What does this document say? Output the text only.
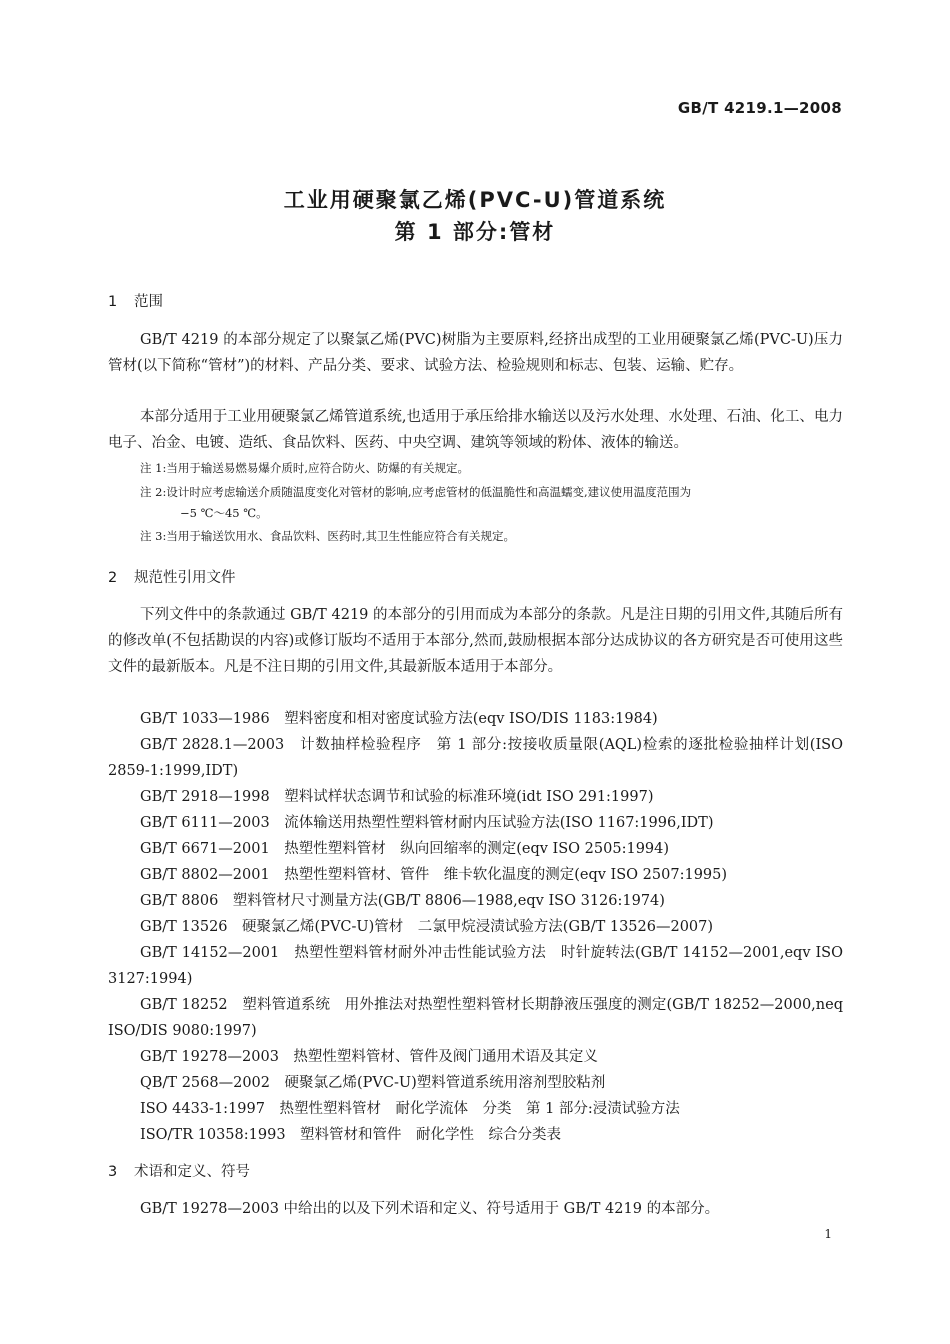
GB/T 4219.1—2008
工业用硬聚氯乙烯(PVC-U)管道系统
第 1 部分:管材
1 范围

GB/T 4219 的本部分规定了以聚氯乙烯(PVC)树脂为主要原料,经挤出成型的工业用硬聚氯乙烯(PVC-U)压力管材(以下简称“管材”)的材料、产品分类、要求、试验方法、检验规则和标志、包装、运输、贮存。

本部分适用于工业用硬聚氯乙烯管道系统,也适用于承压给排水输送以及污水处理、水处理、石油、化工、电力电子、冶金、电镀、造纸、食品饮料、医药、中央空调、建筑等领域的粉体、液体的输送。

注 1:当用于输送易燃易爆介质时,应符合防火、防爆的有关规定。

注 2:设计时应考虑输送介质随温度变化对管材的影响,应考虑管材的低温脆性和高温蠕变,建议使用温度范围为
−5 ℃～45 ℃。

注 3:当用于输送饮用水、食品饮料、医药时,其卫生性能应符合有关规定。

2 规范性引用文件

下列文件中的条款通过 GB/T 4219 的本部分的引用而成为本部分的条款。凡是注日期的引用文件,其随后所有的修改单(不包括勘误的内容)或修订版均不适用于本部分,然而,鼓励根据本部分达成协议的各方研究是否可使用这些文件的最新版本。凡是不注日期的引用文件,其最新版本适用于本部分。

GB/T 1033—1986　塑料密度和相对密度试验方法(eqv ISO/DIS 1183:1984)

GB/T 2828.1—2003　计数抽样检验程序　第 1 部分:按接收质量限(AQL)检索的逐批检验抽样计划(ISO 2859-1:1999,IDT)

GB/T 2918—1998　塑料试样状态调节和试验的标准环境(idt ISO 291:1997)

GB/T 6111—2003　流体输送用热塑性塑料管材耐内压试验方法(ISO 1167:1996,IDT)

GB/T 6671—2001　热塑性塑料管材　纵向回缩率的测定(eqv ISO 2505:1994)

GB/T 8802—2001　热塑性塑料管材、管件　维卡软化温度的测定(eqv ISO 2507:1995)

GB/T 8806　塑料管材尺寸测量方法(GB/T 8806—1988,eqv ISO 3126:1974)

GB/T 13526　硬聚氯乙烯(PVC-U)管材　二氯甲烷浸渍试验方法(GB/T 13526—2007)

GB/T 14152—2001　热塑性塑料管材耐外冲击性能试验方法　时针旋转法(GB/T 14152—2001,eqv ISO 3127:1994)

GB/T 18252　塑料管道系统　用外推法对热塑性塑料管材长期静液压强度的测定(GB/T 18252—2000,neq ISO/DIS 9080:1997)

GB/T 19278—2003　热塑性塑料管材、管件及阀门通用术语及其定义

QB/T 2568—2002　硬聚氯乙烯(PVC-U)塑料管道系统用溶剂型胶粘剂

ISO 4433-1:1997　热塑性塑料管材　耐化学流体　分类　第 1 部分:浸渍试验方法

ISO/TR 10358:1993　塑料管材和管件　耐化学性　综合分类表

3 术语和定义、符号

GB/T 19278—2003 中给出的以及下列术语和定义、符号适用于 GB/T 4219 的本部分。

1
